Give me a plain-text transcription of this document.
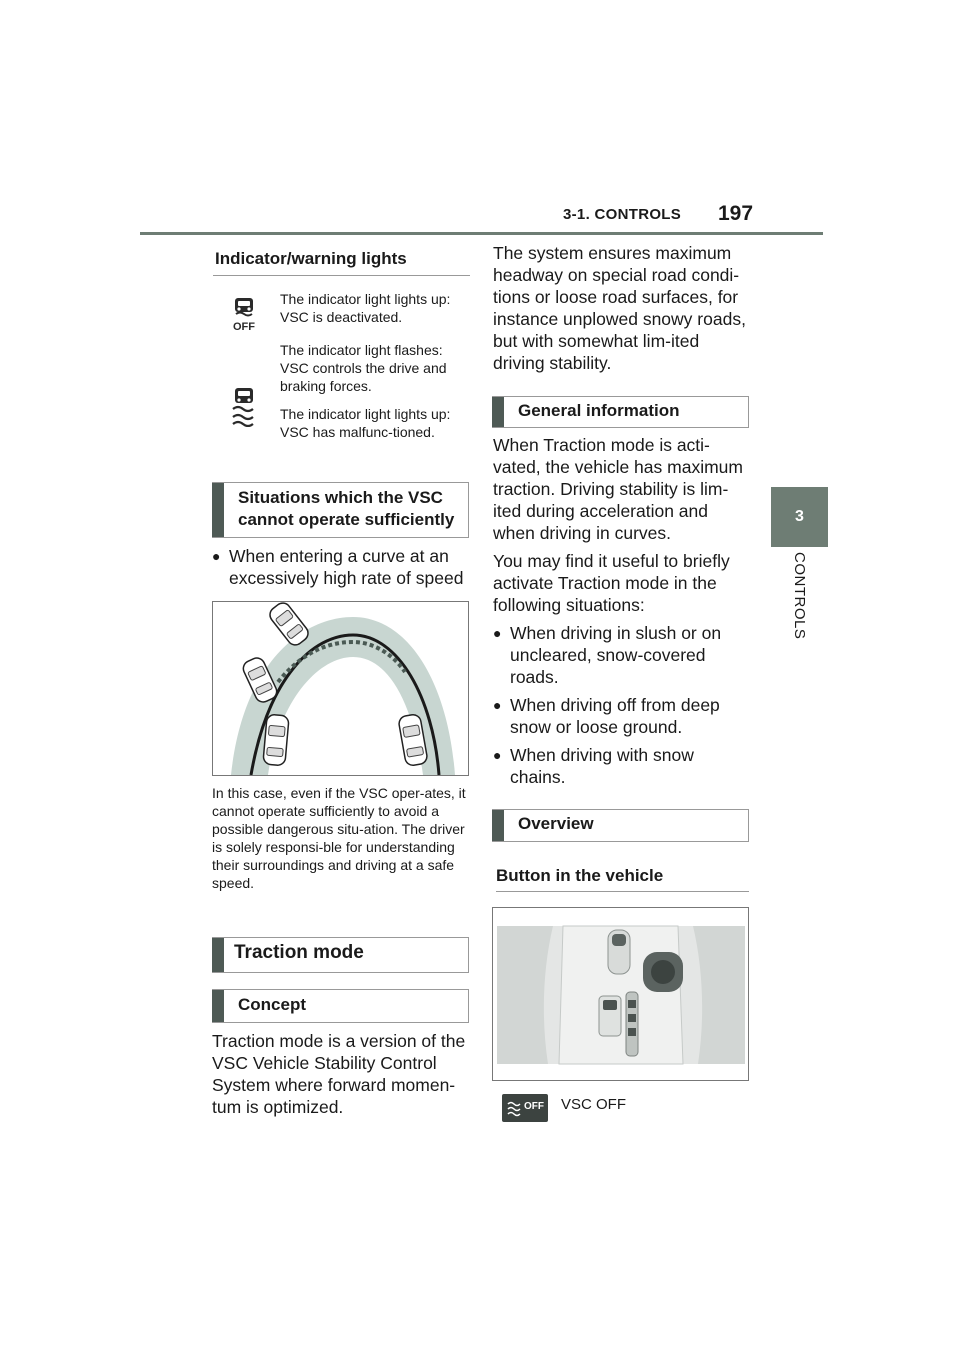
3-1. CONTROLS 197
3
CONTROLS
Indicator/warning lights
OFF
The indicator light lights up: VSC is deactivated.
The indicator light flashes: VSC controls the drive and braking forces.
The indicator light lights up: VSC has malfunc-tioned.
Situations which the VSC cannot operate sufficiently
● When entering a curve at an excessively high rate of speed
In this case, even if the VSC oper-ates, it cannot operate sufficiently to avoid a possible dangerous situ-ation. The driver is solely responsi-ble for understanding their surroundings and driving at a safe speed.
Traction mode
Concept
Traction mode is a version of the VSC Vehicle Stability Control System where forward momen-tum is optimized.
The system ensures maximum headway on special road condi-tions or loose road surfaces, for instance unplowed snowy roads, but with somewhat lim-ited driving stability.
General information
When Traction mode is acti-vated, the vehicle has maximum traction. Driving stability is lim-ited during acceleration and when driving in curves.
You may find it useful to briefly activate Traction mode in the following situations:
● When driving in slush or on uncleared, snow-covered roads.
● When driving off from deep snow or loose ground.
● When driving with snow chains.
Overview
Button in the vehicle
OFF VSC OFF
